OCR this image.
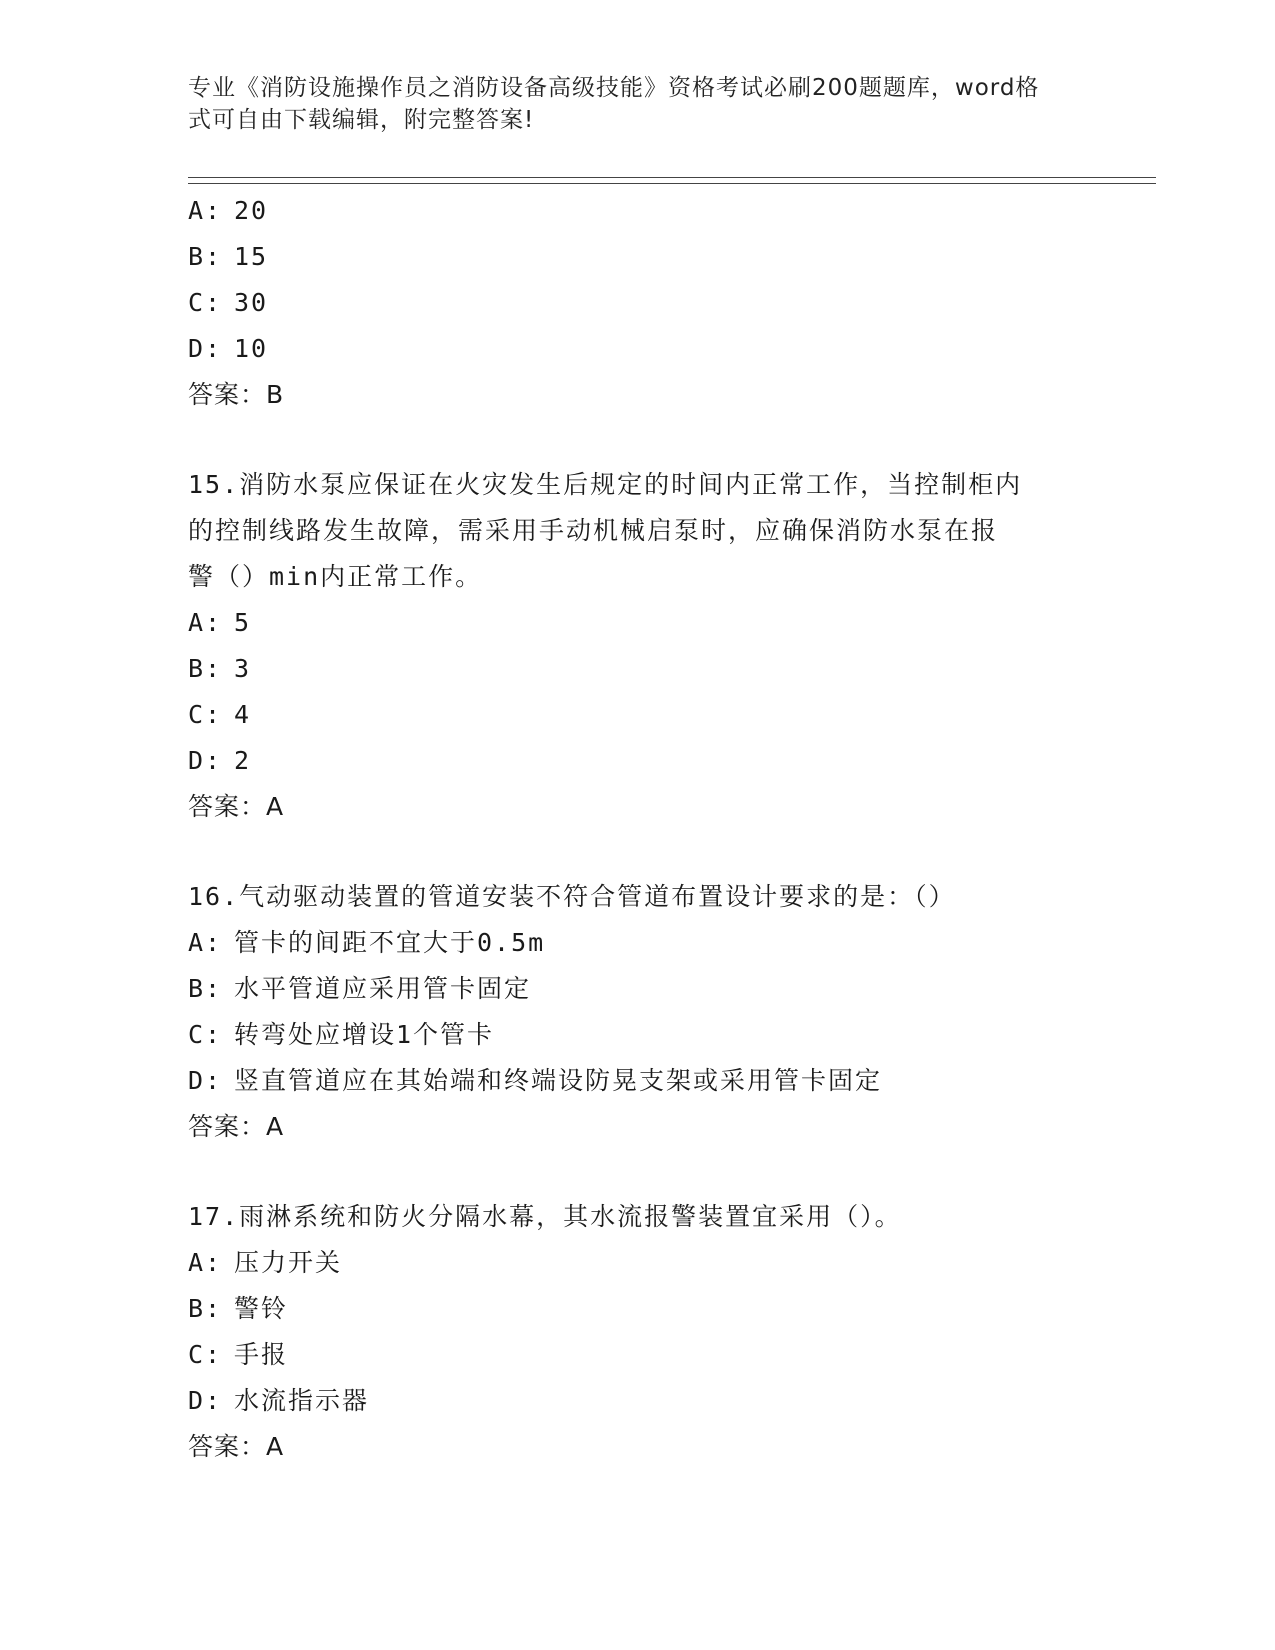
专业《消防设施操作员之消防设备高级技能》资格考试必刷200题题库，word格
式可自由下载编辑，附完整答案!
A: 20
B: 15
C: 30
D: 10
答案：B
15.消防水泵应保证在火灾发生后规定的时间内正常工作，当控制柜内
的控制线路发生故障，需采用手动机械启泵时，应确保消防水泵在报
警（）min内正常工作。
A: 5
B: 3
C: 4
D: 2
答案：A
16.气动驱动装置的管道安装不符合管道布置设计要求的是：（）
A: 管卡的间距不宜大于0.5m
B: 水平管道应采用管卡固定
C: 转弯处应增设1个管卡
D: 竖直管道应在其始端和终端设防晃支架或采用管卡固定
答案：A
17.雨淋系统和防火分隔水幕，其水流报警装置宜采用（）。
A: 压力开关
B: 警铃
C: 手报
D: 水流指示器
答案：A
